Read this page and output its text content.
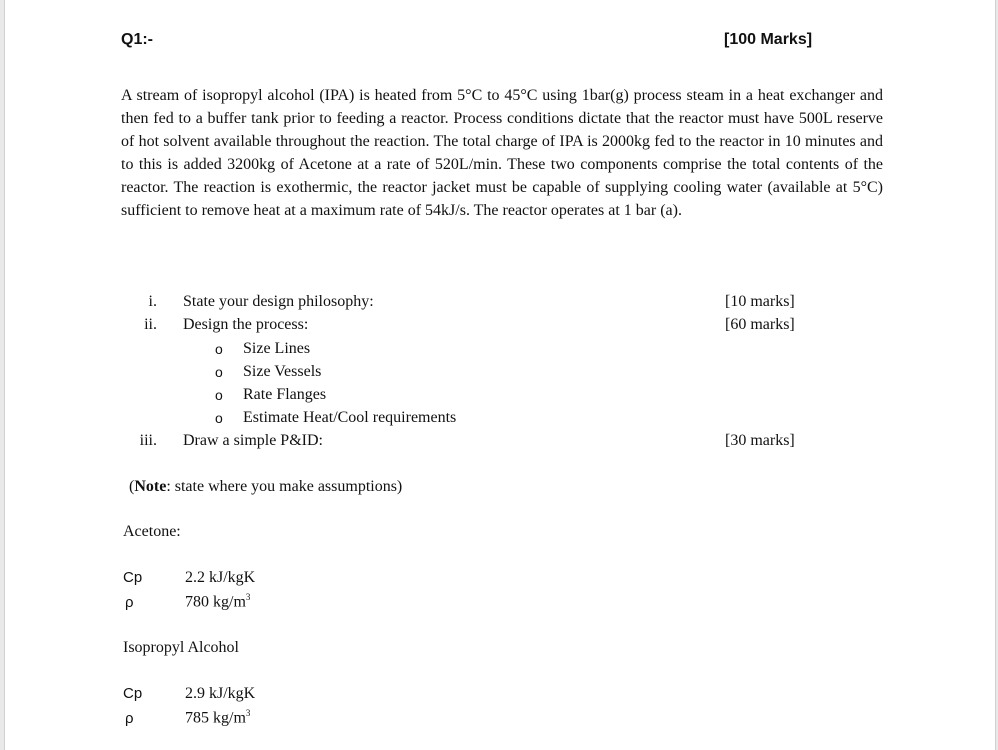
Q1:-	[100 Marks]

A stream of isopropyl alcohol (IPA) is heated from 5°C to 45°C using 1bar(g) process steam in a heat exchanger and then fed to a buffer tank prior to feeding a reactor. Process conditions dictate that the reactor must have 500L reserve of hot solvent available throughout the reaction. The total charge of IPA is 2000kg fed to the reactor in 10 minutes and to this is added 3200kg of Acetone at a rate of 520L/min. These two components comprise the total contents of the reactor. The reaction is exothermic, the reactor jacket must be capable of supplying cooling water (available at 5°C) sufficient to remove heat at a maximum rate of 54kJ/s. The reactor operates at 1 bar (a).

i. State your design philosophy:	[10 marks]
ii. Design the process:	[60 marks]
o Size Lines
o Size Vessels
o Rate Flanges
o Estimate Heat/Cool requirements
iii. Draw a simple P&ID:	[30 marks]
(Note: state where you make assumptions)
Acetone:
Cp	2.2 kJ/kgK
ρ	780 $kg/m^3$
Isopropyl Alcohol
Cp	2.9 kJ/kgK
ρ	785 $kg/m^3$
